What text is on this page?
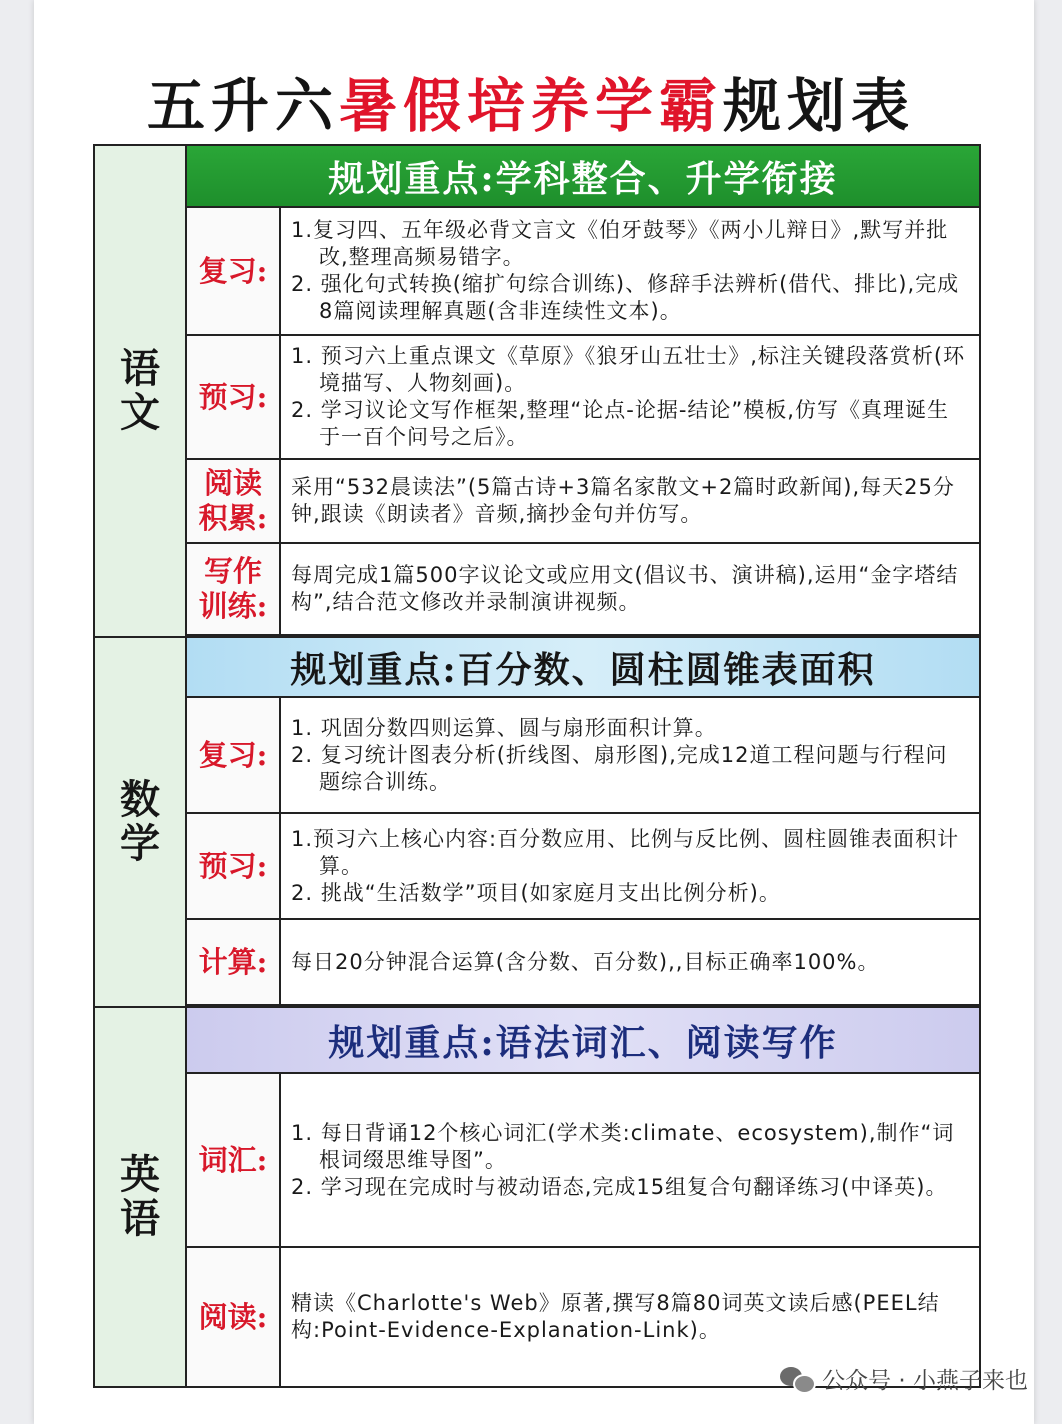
五升六暑假培养学霸规划表
语文
规划重点:学科整合、升学衔接
复习:

1.复习四、五年级必背文言文《伯牙鼓琴》《两小儿辩日》,默写并批改,整理高频易错字。

2. 强化句式转换(缩扩句综合训练)、修辞手法辨析(借代、排比),完成8篇阅读理解真题(含非连续性文本)。

预习:

1. 预习六上重点课文《草原》《狼牙山五壮士》,标注关键段落赏析(环境描写、人物刻画)。

2. 学习议论文写作框架,整理“论点-论据-结论”模板,仿写《真理诞生于一百个问号之后》。

阅读积累:

采用“532晨读法”(5篇古诗+3篇名家散文+2篇时政新闻),每天25分钟,跟读《朗读者》音频,摘抄金句并仿写。

写作训练:

每周完成1篇500字议论文或应用文(倡议书、演讲稿),运用“金字塔结构”,结合范文修改并录制演讲视频。

数学
规划重点:百分数、圆柱圆锥表面积
复习:

1. 巩固分数四则运算、圆与扇形面积计算。

2. 复习统计图表分析(折线图、扇形图),完成12道工程问题与行程问题综合训练。

预习:

1.预习六上核心内容:百分数应用、比例与反比例、圆柱圆锥表面积计算。

2. 挑战“生活数学”项目(如家庭月支出比例分析)。

计算: 每日20分钟混合运算(含分数、百分数),,目标正确率100%。

英语
规划重点:语法词汇、阅读写作
词汇:

1. 每日背诵12个核心词汇(学术类:climate、ecosystem),制作“词根词缀思维导图”。

2. 学习现在完成时与被动语态,完成15组复合句翻译练习(中译英)。

阅读: 精读《Charlotte's Web》原著,撰写8篇80词英文读后感(PEEL结构:Point-Evidence-Explanation-Link)。

公众号 · 小燕子来也
